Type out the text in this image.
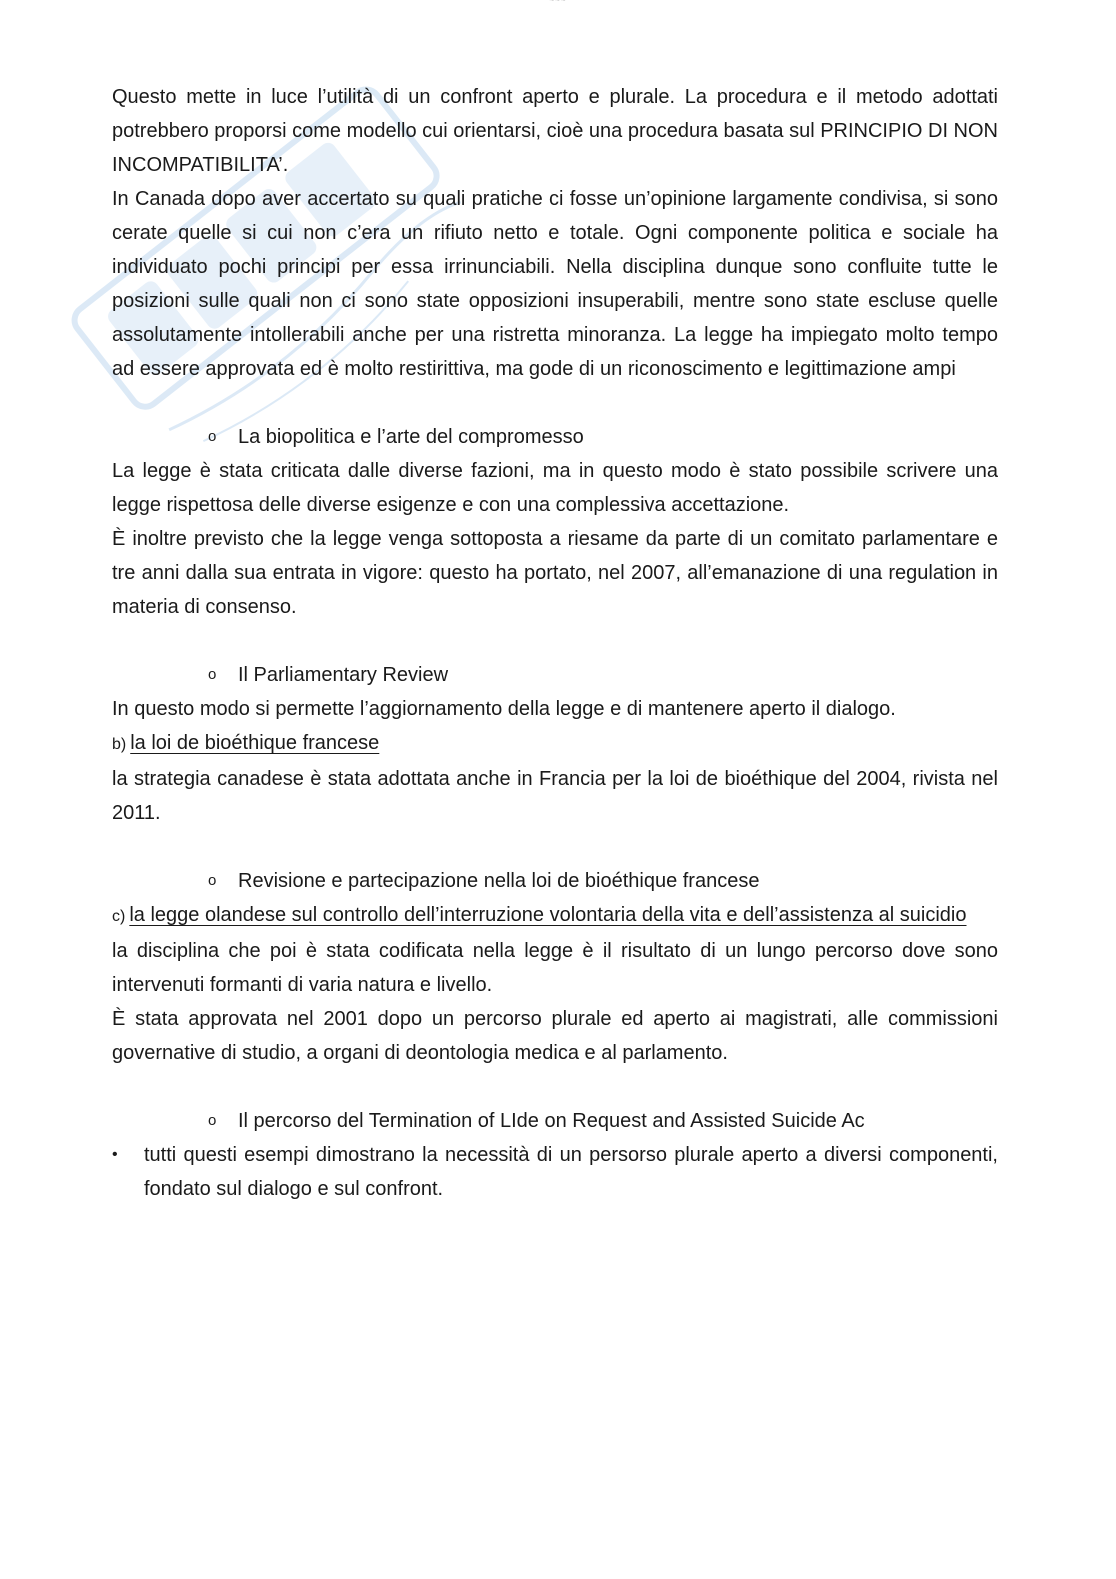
~~~

Questo mette in luce l’utilità di un confront aperto e plurale. La procedura e il metodo adottati potrebbero proporsi come modello cui orientarsi, cioè una procedura basata sul PRINCIPIO DI NON INCOMPATIBILITA’.

In Canada dopo aver accertato su quali pratiche ci fosse un’opinione largamente condivisa, si sono cerate quelle si cui non c’era un rifiuto netto e totale. Ogni componente politica e sociale ha individuato pochi principi per essa irrinunciabili. Nella disciplina dunque sono confluite tutte le posizioni sulle quali non ci sono state opposizioni insuperabili, mentre sono state escluse quelle assolutamente intollerabili anche per una ristretta minoranza. La legge ha impiegato molto tempo ad essere approvata ed è molto restirittiva, ma gode di un riconoscimento e legittimazione ampi

o	La biopolitica e l’arte del compromesso

La legge è stata criticata dalle diverse fazioni, ma in questo modo è stato possibile scrivere una legge rispettosa delle diverse esigenze e con una complessiva accettazione.

È inoltre previsto che la legge venga sottoposta a riesame da parte di un comitato parlamentare e tre anni dalla sua entrata in vigore: questo ha portato, nel 2007, all’emanazione di una regulation in materia di consenso.

o	Il Parliamentary Review

In questo modo si permette l’aggiornamento della legge e di mantenere aperto il dialogo.

b) la loi de bioéthique francese

la strategia canadese è stata adottata anche in Francia per la loi de bioéthique del 2004, rivista nel 2011.

o	Revisione e partecipazione nella loi de bioéthique francese
c) la legge olandese sul controllo dell’interruzione volontaria della vita e dell’assistenza al suicidio

la disciplina che poi è stata codificata nella legge è il risultato di un lungo percorso dove sono intervenuti formanti di varia natura e livello.

È stata approvata nel 2001 dopo un percorso plurale ed aperto ai magistrati, alle commissioni governative di studio, a organi di deontologia medica e al parlamento.

o	Il percorso del Termination of LIde on Request and Assisted Suicide Ac
• tutti questi esempi dimostrano la necessità di un persorso plurale aperto a diversi componenti, fondato sul dialogo e sul confront.
